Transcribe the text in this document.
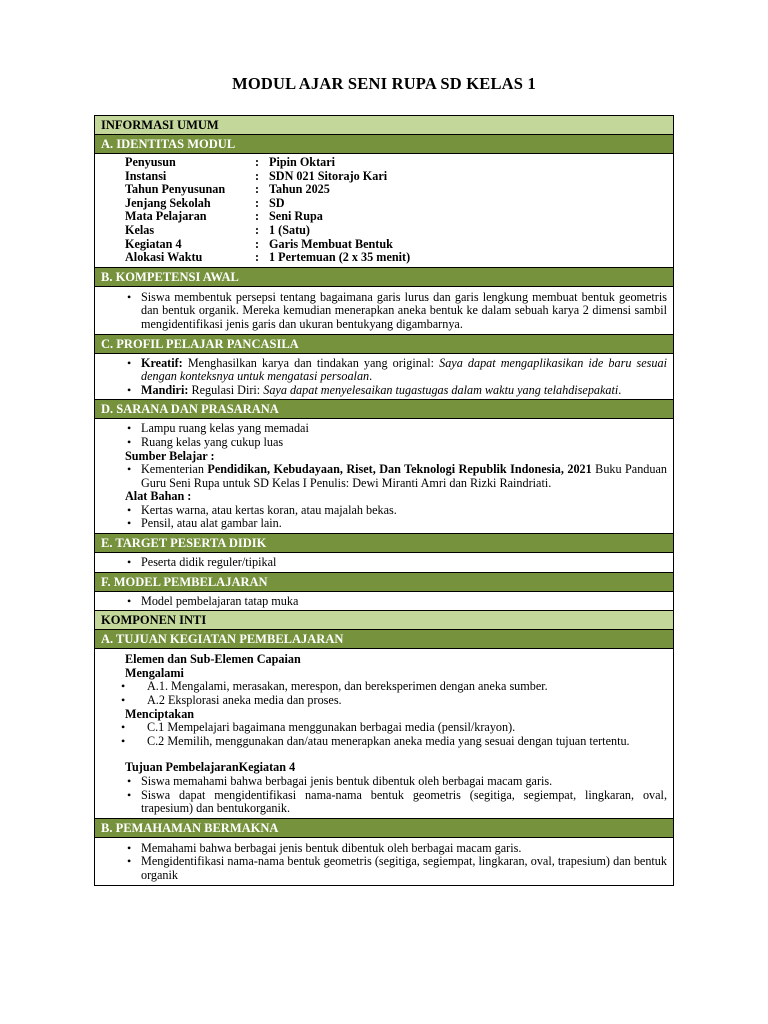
MODUL AJAR SENI RUPA SD KELAS 1
INFORMASI UMUM
A. IDENTITAS MODUL
Penyusun	: Pipin Oktari
Instansi	: SDN 021 Sitorajo Kari
Tahun Penyusunan	: Tahun 2025
Jenjang Sekolah	: SD
Mata Pelajaran	: Seni Rupa
Kelas	: 1 (Satu)
Kegiatan 4	: Garis Membuat Bentuk
Alokasi Waktu	: 1 Pertemuan (2 x 35 menit)
B. KOMPETENSI AWAL
• Siswa membentuk persepsi tentang bagaimana garis lurus dan garis lengkung membuat bentuk geometris dan bentuk organik. Mereka kemudian menerapkan aneka bentuk ke dalam sebuah karya 2 dimensi sambil mengidentifikasi jenis garis dan ukuran bentukyang digambarnya.
C. PROFIL PELAJAR PANCASILA
• Kreatif: Menghasilkan karya dan tindakan yang original: Saya dapat mengaplikasikan ide baru sesuai dengan konteksnya untuk mengatasi persoalan.
• Mandiri: Regulasi Diri: Saya dapat menyelesaikan tugastugas dalam waktu yang telahdisepakati.
D. SARANA DAN PRASARANA
• Lampu ruang kelas yang memadai
• Ruang kelas yang cukup luas
Sumber Belajar :
• Kementerian Pendidikan, Kebudayaan, Riset, Dan Teknologi Republik Indonesia, 2021 Buku Panduan Guru Seni Rupa untuk SD Kelas I Penulis: Dewi Miranti Amri dan Rizki Raindriati.
Alat Bahan :
• Kertas warna, atau kertas koran, atau majalah bekas.
• Pensil, atau alat gambar lain.
E. TARGET PESERTA DIDIK
• Peserta didik reguler/tipikal
F. MODEL PEMBELAJARAN
• Model pembelajaran tatap muka
KOMPONEN INTI
A. TUJUAN KEGIATAN PEMBELAJARAN
Elemen dan Sub-Elemen Capaian
Mengalami
• A.1. Mengalami, merasakan, merespon, dan bereksperimen dengan aneka sumber.
• A.2 Eksplorasi aneka media dan proses.
Menciptakan
• C.1 Mempelajari bagaimana menggunakan berbagai media (pensil/krayon).
• C.2 Memilih, menggunakan dan/atau menerapkan aneka media yang sesuai dengan tujuan tertentu.
Tujuan PembelajaranKegiatan 4
• Siswa memahami bahwa berbagai jenis bentuk dibentuk oleh berbagai macam garis.
• Siswa dapat mengidentifikasi nama-nama bentuk geometris (segitiga, segiempat, lingkaran, oval, trapesium) dan bentukorganik.
B. PEMAHAMAN BERMAKNA
• Memahami bahwa berbagai jenis bentuk dibentuk oleh berbagai macam garis.
• Mengidentifikasi nama-nama bentuk geometris (segitiga, segiempat, lingkaran, oval, trapesium) dan bentuk organik
